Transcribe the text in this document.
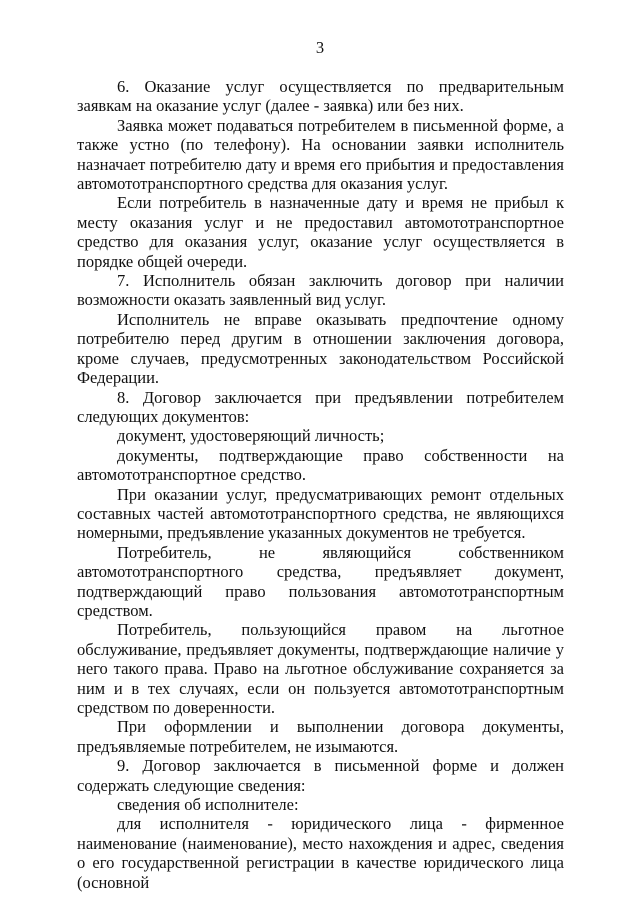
3

6. Оказание услуг осуществляется по предварительным заявкам на оказание услуг (далее - заявка) или без них.

Заявка может подаваться потребителем в письменной форме, а также устно (по телефону). На основании заявки исполнитель назначает потребителю дату и время его прибытия и предоставления автомототранспортного средства для оказания услуг.

Если потребитель в назначенные дату и время не прибыл к месту оказания услуг и не предоставил автомототранспортное средство для оказания услуг, оказание услуг осуществляется в порядке общей очереди.

7. Исполнитель обязан заключить договор при наличии возможности оказать заявленный вид услуг.

Исполнитель не вправе оказывать предпочтение одному потребителю перед другим в отношении заключения договора, кроме случаев, предусмотренных законодательством Российской Федерации.

8. Договор заключается при предъявлении потребителем следующих документов:

документ, удостоверяющий личность;

документы, подтверждающие право собственности на автомототранспортное средство.

При оказании услуг, предусматривающих ремонт отдельных составных частей автомототранспортного средства, не являющихся номерными, предъявление указанных документов не требуется.

Потребитель, не являющийся собственником автомототранспортного средства, предъявляет документ, подтверждающий право пользования автомототранспортным средством.

Потребитель, пользующийся правом на льготное обслуживание, предъявляет документы, подтверждающие наличие у него такого права. Право на льготное обслуживание сохраняется за ним и в тех случаях, если он пользуется автомототранспортным средством по доверенности.

При оформлении и выполнении договора документы, предъявляемые потребителем, не изымаются.

9. Договор заключается в письменной форме и должен содержать следующие сведения:

сведения об исполнителе:

для исполнителя - юридического лица - фирменное наименование (наименование), место нахождения и адрес, сведения о его государственной регистрации в качестве юридического лица (основной
